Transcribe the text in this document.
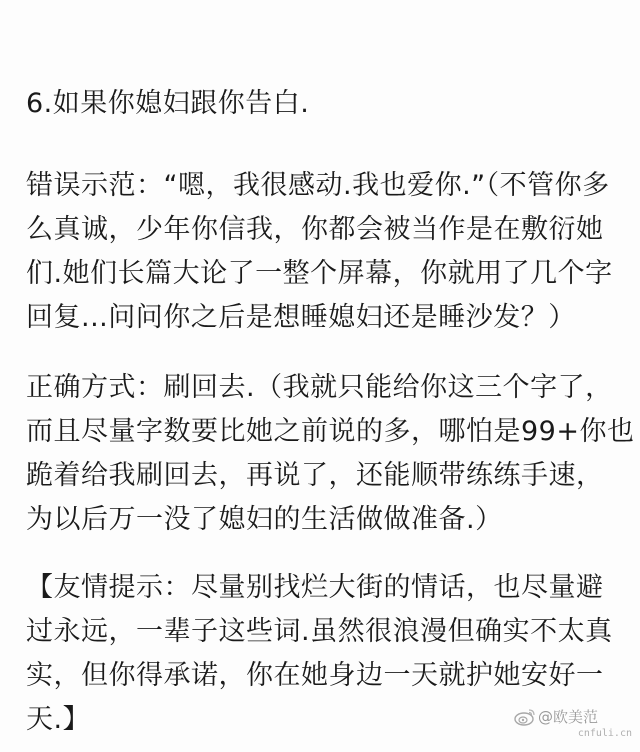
6.如果你媳妇跟你告白.
错误示范：“嗯，我很感动.我也爱你.”（不管你多
么真诚，少年你信我，你都会被当作是在敷衍她
们.她们长篇大论了一整个屏幕，你就用了几个字
回复...问问你之后是想睡媳妇还是睡沙发？）
正确方式：刷回去.（我就只能给你这三个字了，
而且尽量字数要比她之前说的多，哪怕是99+你也
跪着给我刷回去，再说了，还能顺带练练手速，
为以后万一没了媳妇的生活做做准备.）
【友情提示：尽量别找烂大街的情话，也尽量避
过永远，一辈子这些词.虽然很浪漫但确实不太真
实，但你得承诺，你在她身边一天就护她安好一
天.】	@欧美范
cnfuli.cn
